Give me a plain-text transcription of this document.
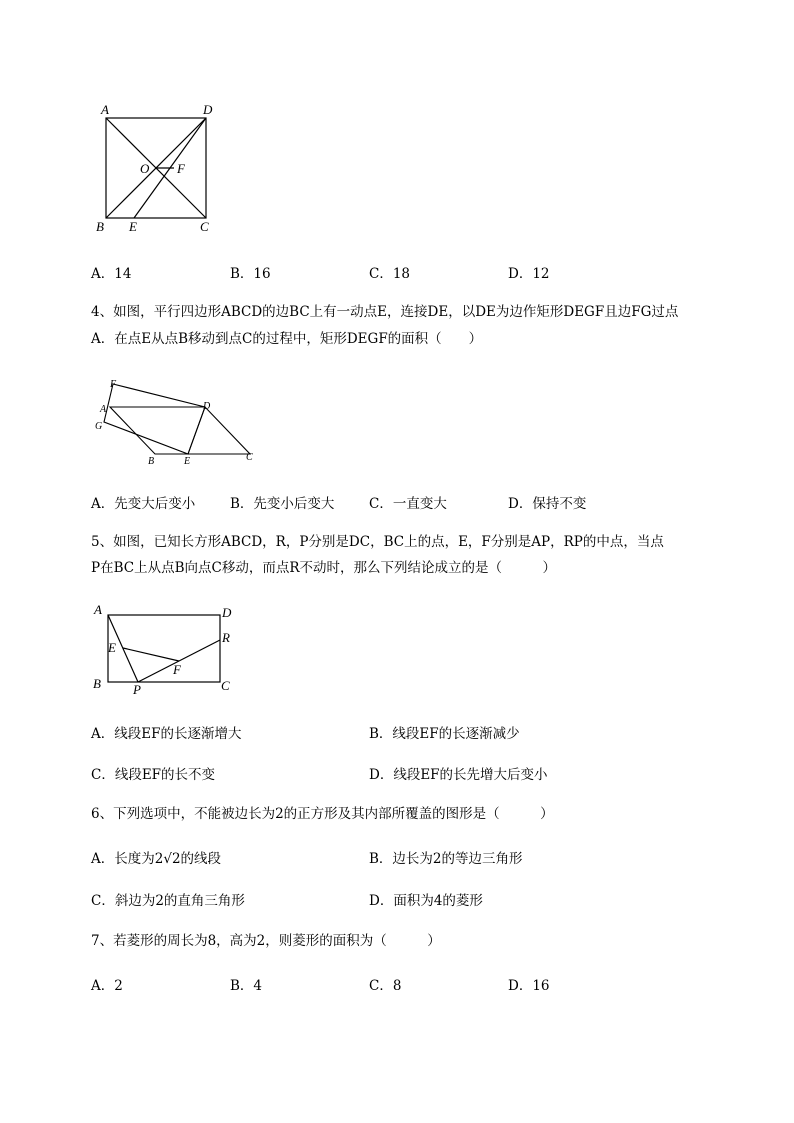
A	D
O F
B E	C
A．14	B．16	C．18	D．12
4、如图，平行四边形ABCD的边BC上有一动点E，连接DE，以DE为边作矩形DEGF且边FG过点
A．在点E从点B移动到点C的过程中，矩形DEGF的面积（　　）
F
A
G
D
B	E	C
A．先变大后变小	B．先变小后变大	C．一直变大	D．保持不变
5、如图，已知长方形ABCD，R，P分别是DC，BC上的点，E，F分别是AP，RP的中点，当点
P在BC上从点B向点C移动，而点R不动时，那么下列结论成立的是（　　　）
A	D
R
E
F
B P	C
A．线段EF的长逐渐增大	B．线段EF的长逐渐减少
C．线段EF的长不变	D．线段EF的长先增大后变小
6、下列选项中，不能被边长为2的正方形及其内部所覆盖的图形是（　　　）
A．长度为2√2的线段	B．边长为2的等边三角形
C．斜边为2的直角三角形	D．面积为4的菱形
7、若菱形的周长为8，高为2，则菱形的面积为（　　　）
A．2	B．4	C．8	D．16
